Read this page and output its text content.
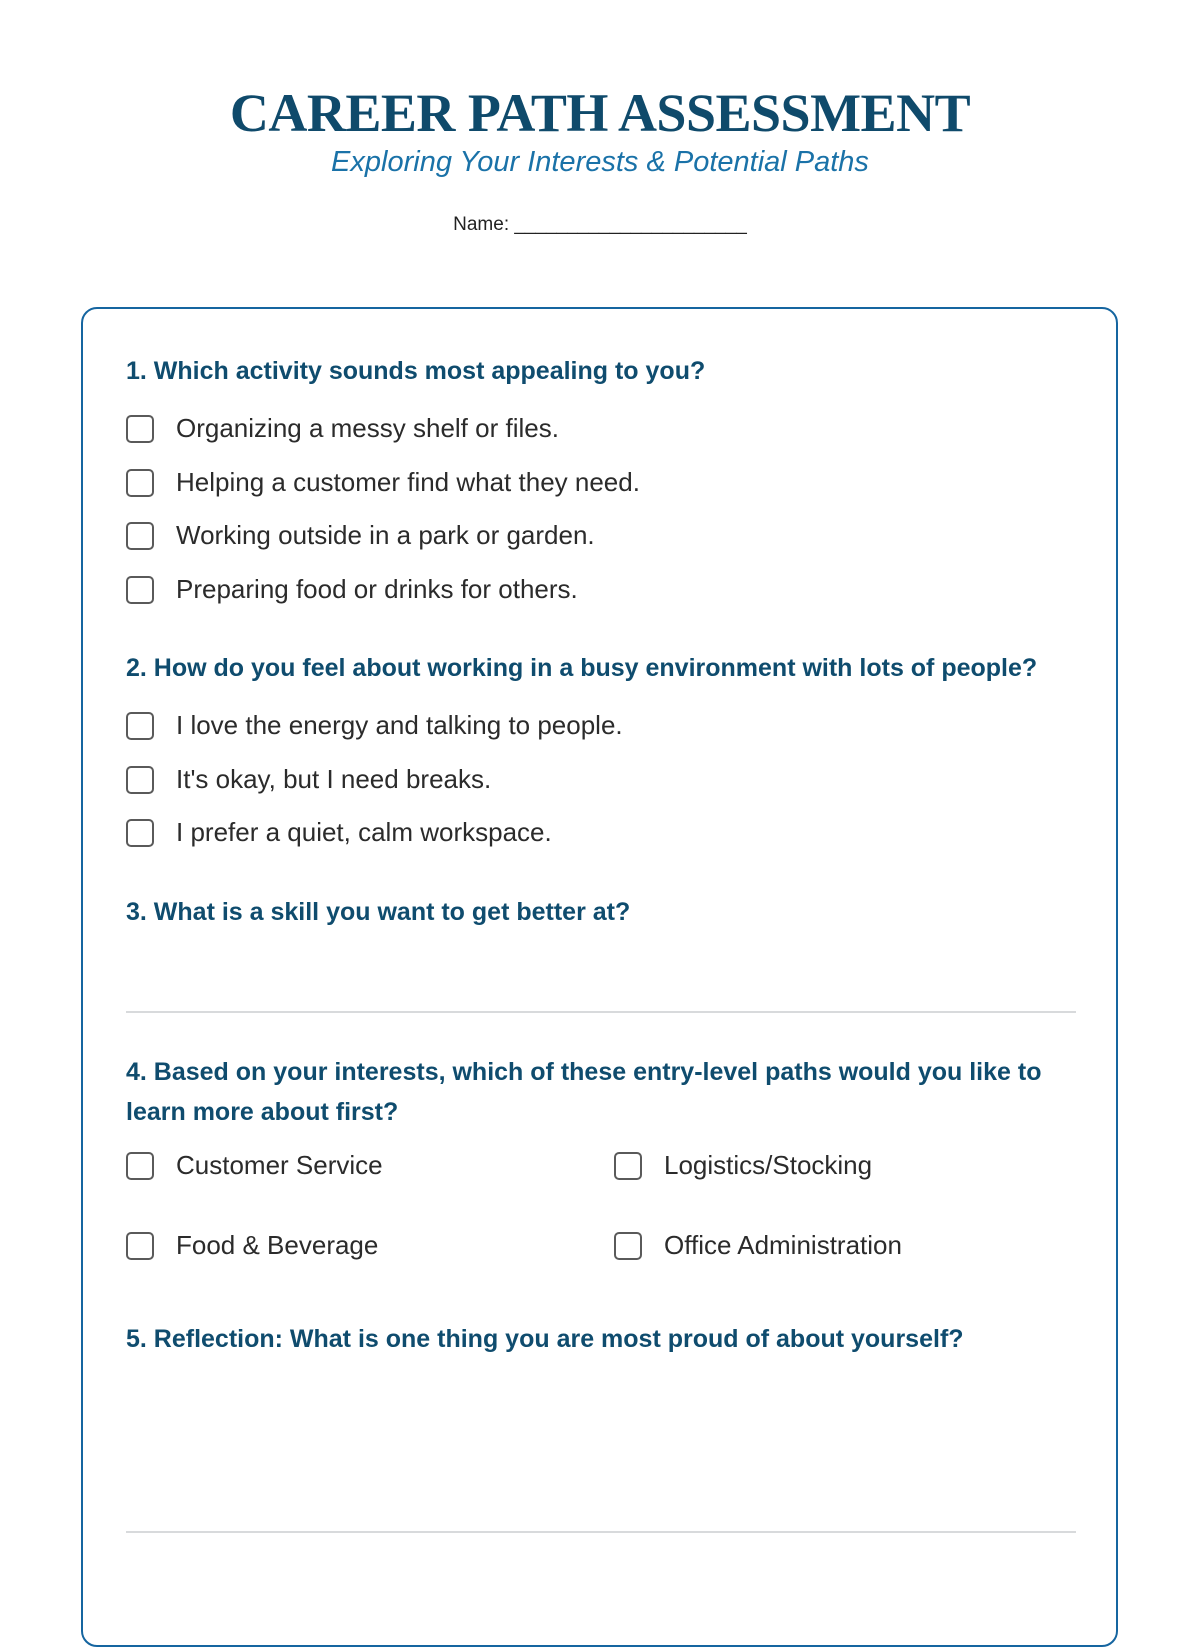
CAREER PATH ASSESSMENT
Exploring Your Interests & Potential Paths
Name: ______________________
1. Which activity sounds most appealing to you?
Organizing a messy shelf or files.
Helping a customer find what they need.
Working outside in a park or garden.
Preparing food or drinks for others.
2. How do you feel about working in a busy environment with lots of people?
I love the energy and talking to people.
It's okay, but I need breaks.
I prefer a quiet, calm workspace.
3. What is a skill you want to get better at?
4. Based on your interests, which of these entry-level paths would you like to learn more about first?
Customer Service	Logistics/Stocking
Food & Beverage	Office Administration
5. Reflection: What is one thing you are most proud of about yourself?
